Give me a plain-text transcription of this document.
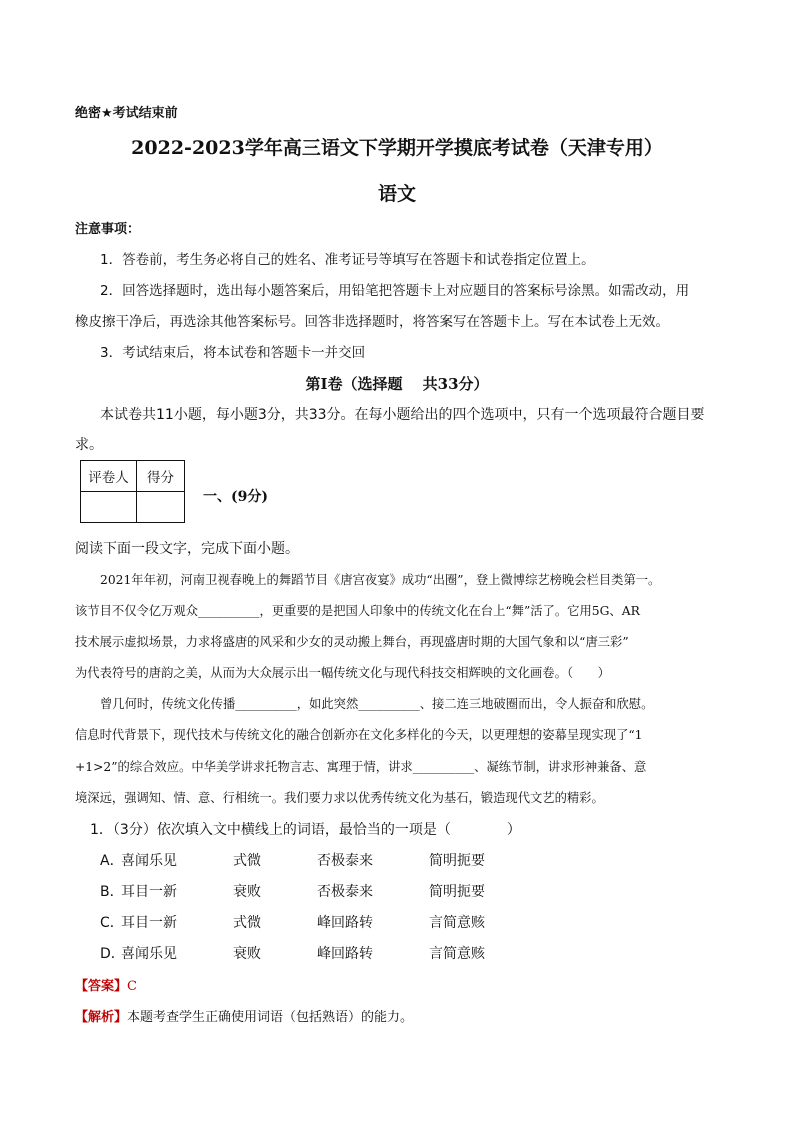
绝密★考试结束前
2022-2023学年高三语文下学期开学摸底考试卷（天津专用）
语文
注意事项：
1．答卷前，考生务必将自己的姓名、准考证号等填写在答题卡和试卷指定位置上。
2．回答选择题时，选出每小题答案后，用铅笔把答题卡上对应题目的答案标号涂黑。如需改动，用
橡皮擦干净后，再选涂其他答案标号。回答非选择题时，将答案写在答题卡上。写在本试卷上无效。
3．考试结束后，将本试卷和答题卡一并交回
第Ⅰ卷（选择题　 共33分）
本试卷共11小题，每小题3分，共33分。在每小题给出的四个选项中，只有一个选项最符合题目要
求。
评卷人	得分

一、(9分)
阅读下面一段文字，完成下面小题。
2021年年初，河南卫视春晚上的舞蹈节目《唐宫夜宴》成功“出圈”，登上微博综艺榜晚会栏目类第一。
该节目不仅令亿万观众__________，更重要的是把国人印象中的传统文化在台上“舞”活了。它用5G、AR
技术展示虚拟场景，力求将盛唐的风采和少女的灵动搬上舞台，再现盛唐时期的大国气象和以“唐三彩”
为代表符号的唐韵之美，从而为大众展示出一幅传统文化与现代科技交相辉映的文化画卷。（　　）
曾几何时，传统文化传播__________，如此突然__________、接二连三地破圈而出，令人振奋和欣慰。
信息时代背景下，现代技术与传统文化的融合创新亦在文化多样化的今天，以更理想的姿幕呈现实现了“1
+1>2”的综合效应。中华美学讲求托物言志、寓理于情，讲求__________、凝练节制，讲求形神兼备、意
境深远，强调知、情、意、行相统一。我们要力求以优秀传统文化为基石，锻造现代文艺的精彩。
1．（3分）依次填入文中横线上的词语，最恰当的一项是（　　　　）
A．
喜闻乐见	式微	否极泰来	简明扼要
B．
耳目一新	衰败	否极泰来	简明扼要
C．
耳目一新	式微	峰回路转	言简意赅
D．
喜闻乐见	衰败	峰回路转	言简意赅
【答案】C
【解析】本题考查学生正确使用词语（包括熟语）的能力。
